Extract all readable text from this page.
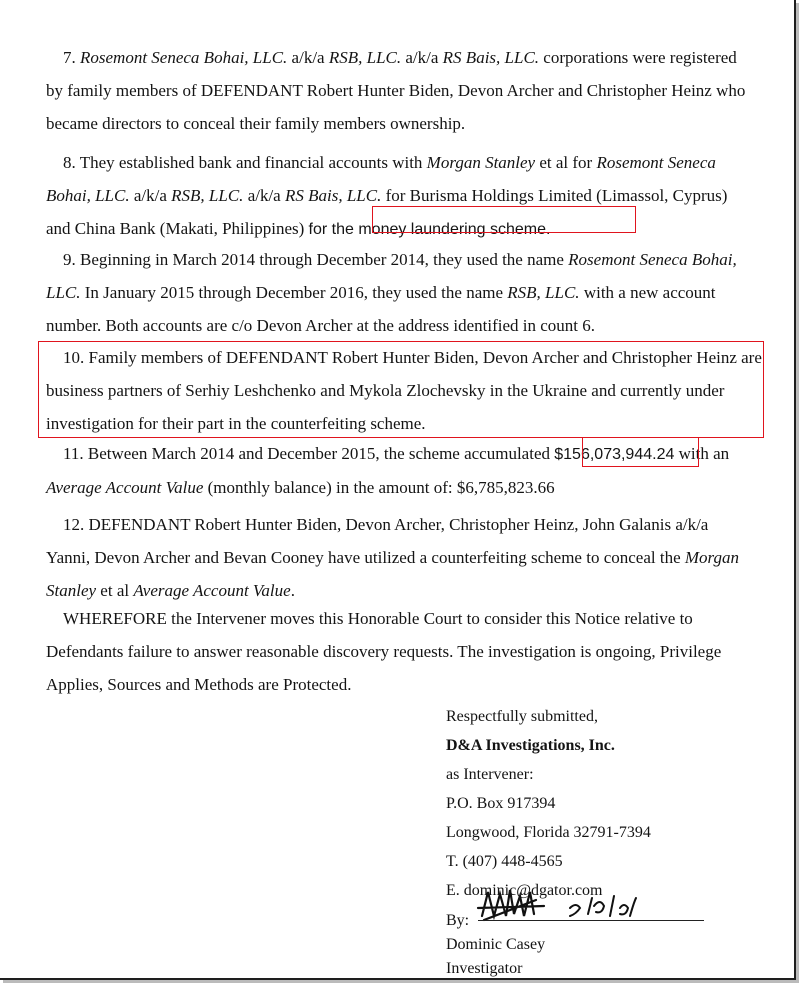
7. Rosemont Seneca Bohai, LLC. a/k/a RSB, LLC. a/k/a RS Bais, LLC. corporations were registered by family members of DEFENDANT Robert Hunter Biden, Devon Archer and Christopher Heinz who became directors to conceal their family members ownership.
8. They established bank and financial accounts with Morgan Stanley et al for Rosemont Seneca Bohai, LLC. a/k/a RSB, LLC. a/k/a RS Bais, LLC. for Burisma Holdings Limited (Limassol, Cyprus) and China Bank (Makati, Philippines) for the money laundering scheme.
9. Beginning in March 2014 through December 2014, they used the name Rosemont Seneca Bohai, LLC. In January 2015 through December 2016, they used the name RSB, LLC. with a new account number. Both accounts are c/o Devon Archer at the address identified in count 6.
10. Family members of DEFENDANT Robert Hunter Biden, Devon Archer and Christopher Heinz are business partners of Serhiy Leshchenko and Mykola Zlochevsky in the Ukraine and currently under investigation for their part in the counterfeiting scheme.
11. Between March 2014 and December 2015, the scheme accumulated $156,073,944.24 with an Average Account Value (monthly balance) in the amount of: $6,785,823.66
12. DEFENDANT Robert Hunter Biden, Devon Archer, Christopher Heinz, John Galanis a/k/a Yanni, Devon Archer and Bevan Cooney have utilized a counterfeiting scheme to conceal the Morgan Stanley et al Average Account Value.
WHEREFORE the Intervener moves this Honorable Court to consider this Notice relative to Defendants failure to answer reasonable discovery requests. The investigation is ongoing, Privilege Applies, Sources and Methods are Protected.
Respectfully submitted,
D&A Investigations, Inc.
as Intervener:
P.O. Box 917394
Longwood, Florida 32791-7394
T. (407) 448-4565
E. dominic@dgator.com
By:
Dominic Casey
Investigator
